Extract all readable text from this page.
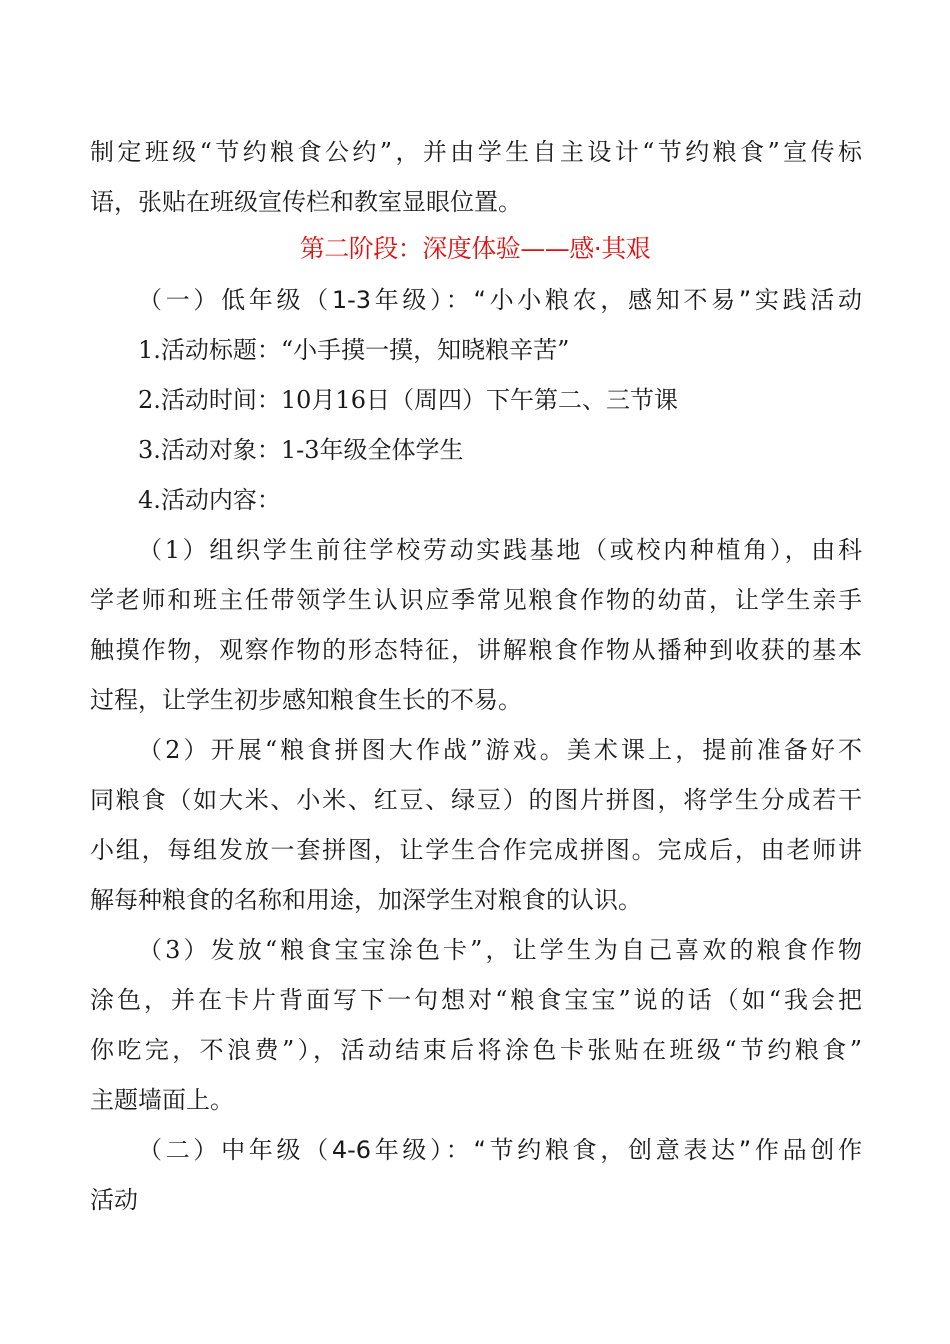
制定班级“节约粮食公约”，并由学生自主设计“节约粮食”宣传标
语，张贴在班级宣传栏和教室显眼位置。
第二阶段：深度体验——感·其艰
（一）低年级（1-3年级）：“小小粮农，感知不易”实践活动
1.活动标题：“小手摸一摸，知晓粮辛苦”
2.活动时间：10月16日（周四）下午第二、三节课
3.活动对象：1-3年级全体学生
4.活动内容：
（1）组织学生前往学校劳动实践基地（或校内种植角），由科
学老师和班主任带领学生认识应季常见粮食作物的幼苗，让学生亲手
触摸作物，观察作物的形态特征，讲解粮食作物从播种到收获的基本
过程，让学生初步感知粮食生长的不易。
（2）开展“粮食拼图大作战”游戏。美术课上，提前准备好不
同粮食（如大米、小米、红豆、绿豆）的图片拼图，将学生分成若干
小组，每组发放一套拼图，让学生合作完成拼图。完成后，由老师讲
解每种粮食的名称和用途，加深学生对粮食的认识。
（3）发放“粮食宝宝涂色卡”，让学生为自己喜欢的粮食作物
涂色，并在卡片背面写下一句想对“粮食宝宝”说的话（如“我会把
你吃完，不浪费”），活动结束后将涂色卡张贴在班级“节约粮食”
主题墙面上。
（二）中年级（4-6年级）：“节约粮食，创意表达”作品创作
活动
